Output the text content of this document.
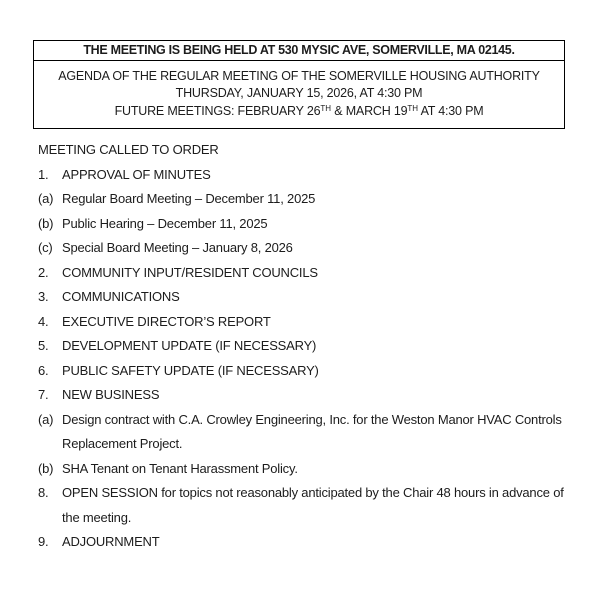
THE MEETING IS BEING HELD AT 530 MYSIC AVE, SOMERVILLE, MA 02145.
AGENDA OF THE REGULAR MEETING OF THE SOMERVILLE HOUSING AUTHORITY
THURSDAY, JANUARY 15, 2026, AT 4:30 PM
FUTURE MEETINGS: FEBRUARY 26TH & MARCH 19TH AT 4:30 PM
MEETING CALLED TO ORDER
1.	APPROVAL OF MINUTES
(a) Regular Board Meeting – December 11, 2025
(b) Public Hearing – December 11, 2025
(c) Special Board Meeting – January 8, 2026
2.	COMMUNITY INPUT/RESIDENT COUNCILS
3.	COMMUNICATIONS
4.	EXECUTIVE DIRECTOR’S REPORT
5.	DEVELOPMENT UPDATE (IF NECESSARY)
6.	PUBLIC SAFETY UPDATE (IF NECESSARY)
7.	NEW BUSINESS
(a) Design contract with C.A. Crowley Engineering, Inc. for the Weston Manor HVAC Controls Replacement Project.
(b) SHA Tenant on Tenant Harassment Policy.
8.	OPEN SESSION for topics not reasonably anticipated by the Chair 48 hours in advance of the meeting.
9.	ADJOURNMENT
